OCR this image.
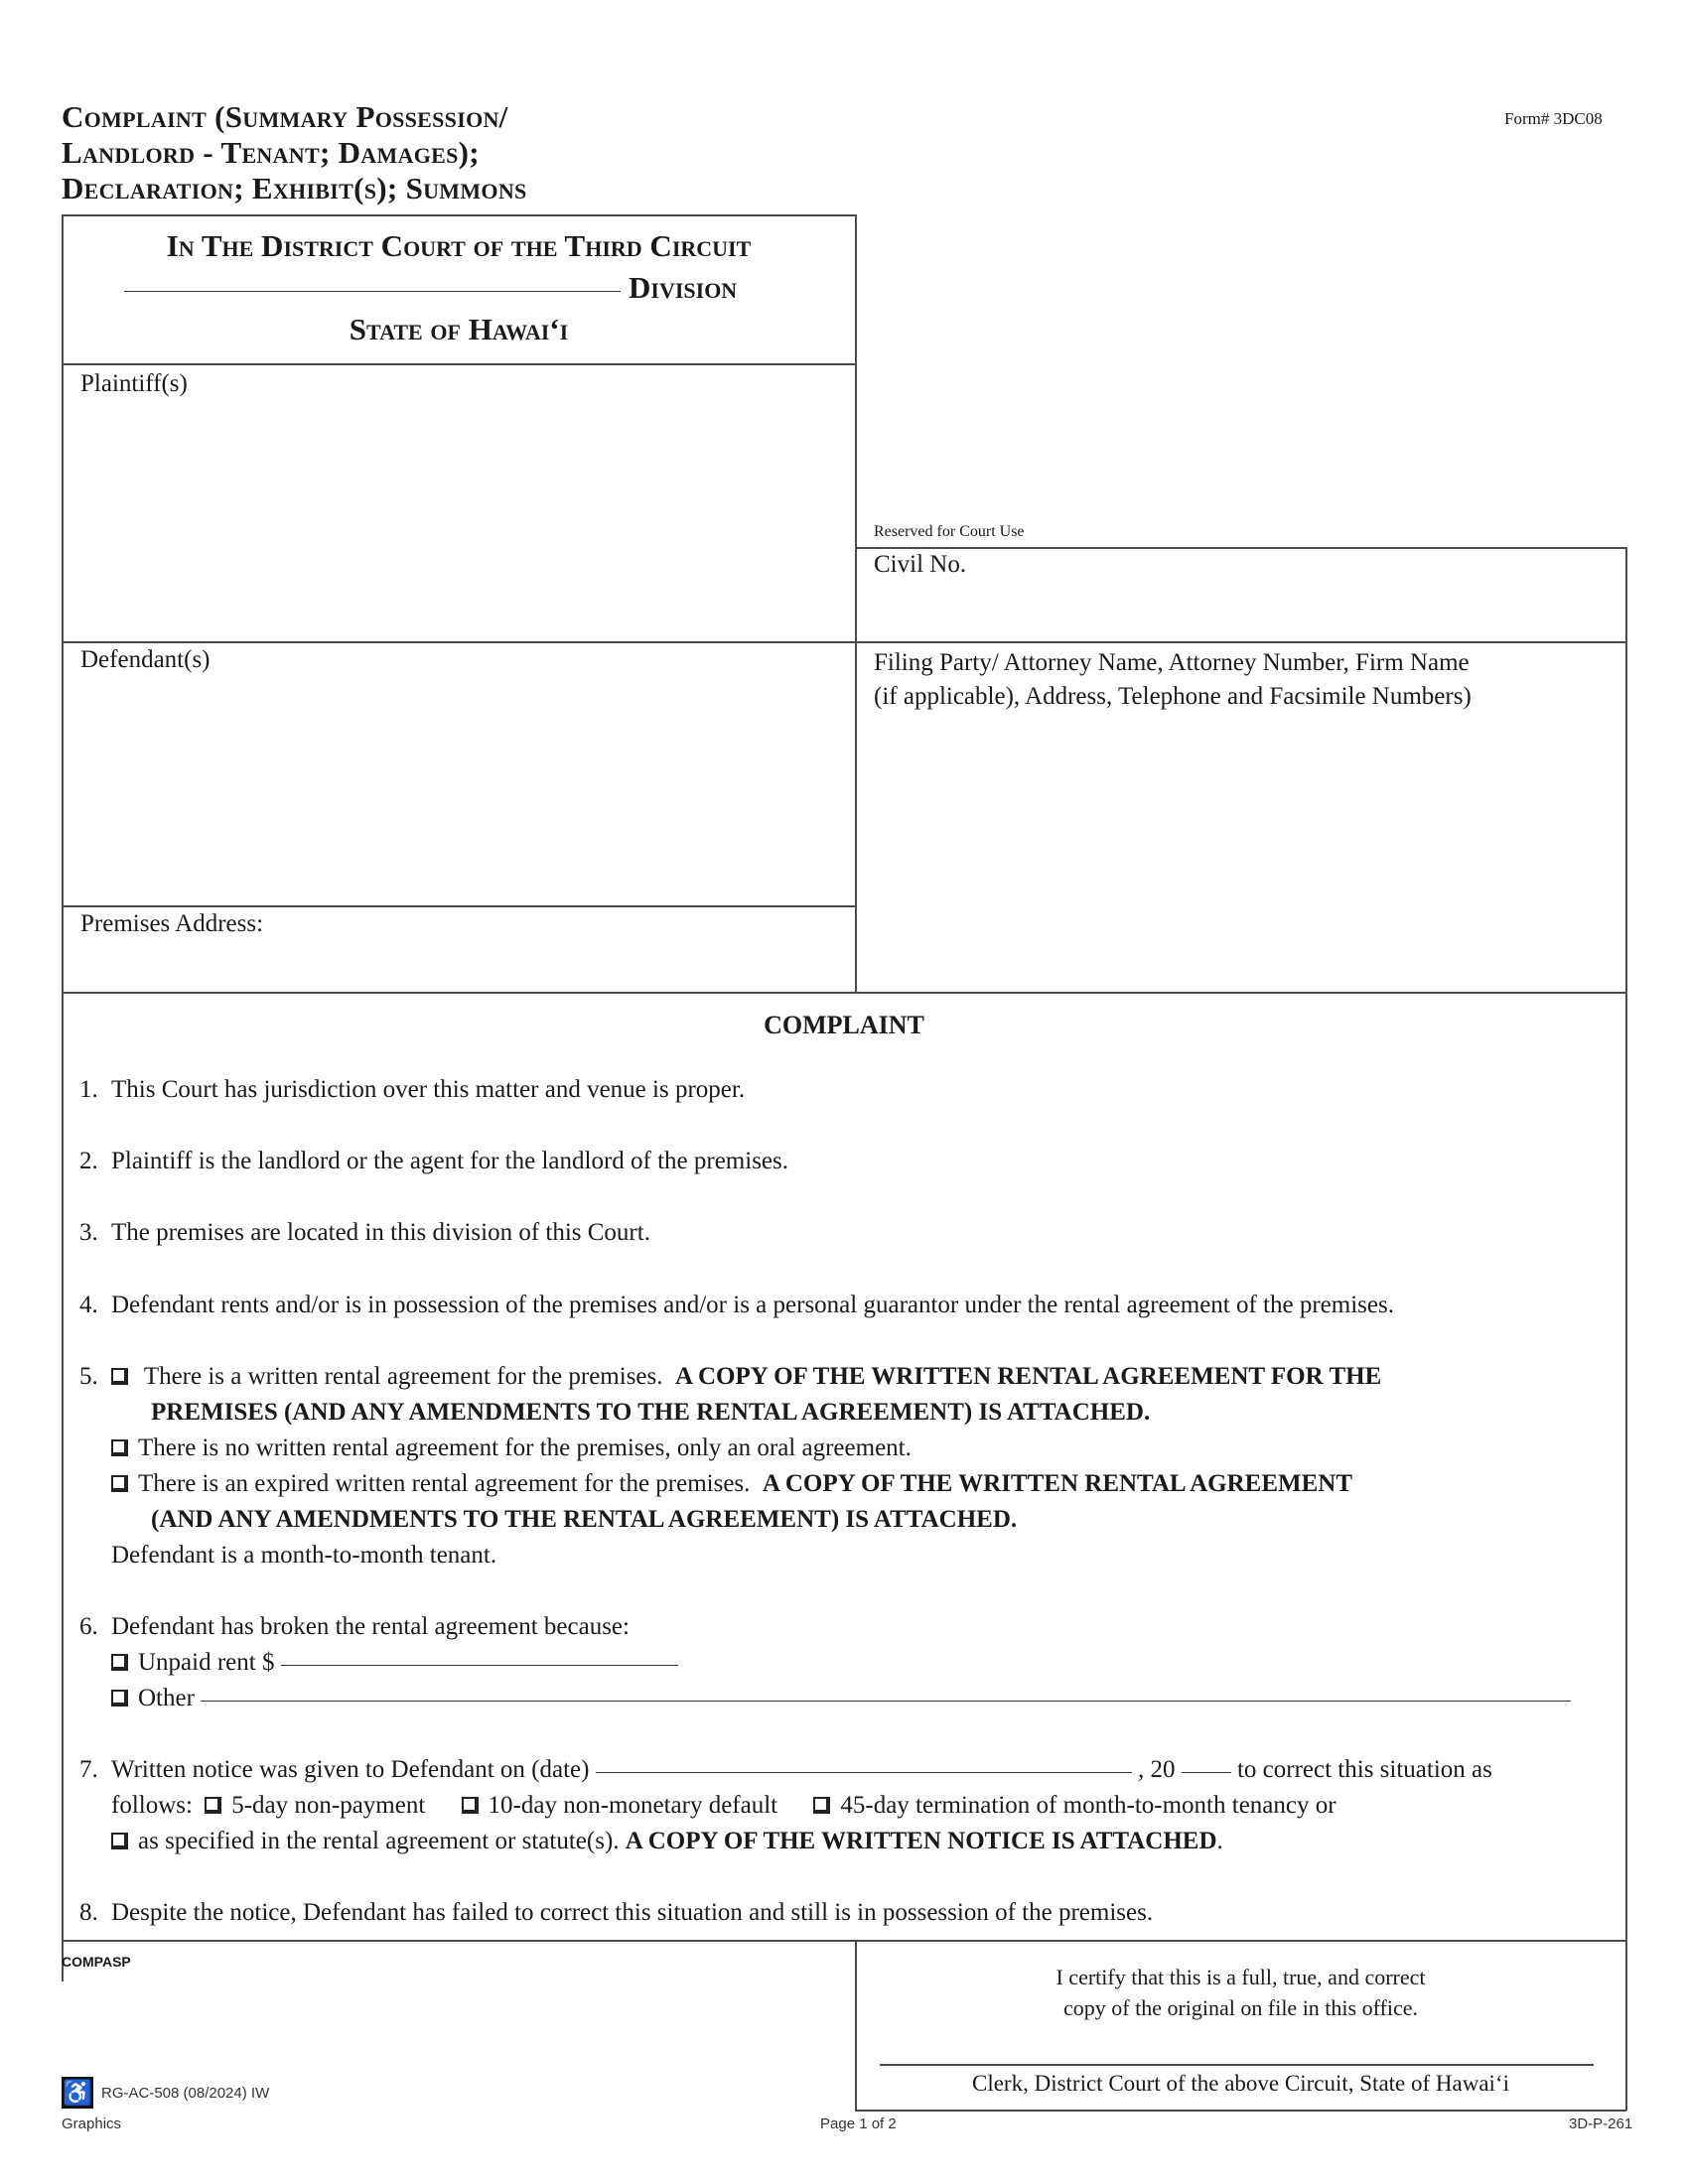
Complaint (Summary Possession/
Landlord - Tenant; Damages);
Declaration; Exhibit(s); Summons
Form# 3DC08
In The District Court of the Third Circuit
Division
State of Hawai‘i
Plaintiff(s)
Defendant(s)
Premises Address:
Reserved for Court Use
Civil No.
Filing Party/ Attorney Name, Attorney Number, Firm Name
(if applicable), Address, Telephone and Facsimile Numbers)
COMPLAINT
1. This Court has jurisdiction over this matter and venue is proper.
2. Plaintiff is the landlord or the agent for the landlord of the premises.
3. The premises are located in this division of this Court.
4. Defendant rents and/or is in possession of the premises and/or is a personal guarantor under the rental agreement of the premises.
5. There is a written rental agreement for the premises. A COPY OF THE WRITTEN RENTAL AGREEMENT FOR THE
PREMISES (AND ANY AMENDMENTS TO THE RENTAL AGREEMENT) IS ATTACHED.
There is no written rental agreement for the premises, only an oral agreement.
There is an expired written rental agreement for the premises. A COPY OF THE WRITTEN RENTAL AGREEMENT
(AND ANY AMENDMENTS TO THE RENTAL AGREEMENT) IS ATTACHED.
Defendant is a month-to-month tenant.
6. Defendant has broken the rental agreement because:
Unpaid rent $
Other
7. Written notice was given to Defendant on (date)	, 20	to correct this situation as
follows: 5-day non-payment	10-day non-monetary default	45-day termination of month-to-month tenancy or
as specified in the rental agreement or statute(s). A COPY OF THE WRITTEN NOTICE IS ATTACHED.
8. Despite the notice, Defendant has failed to correct this situation and still is in possession of the premises.
COMPASP
I certify that this is a full, true, and correct
copy of the original on file in this office.
Clerk, District Court of the above Circuit, State of Hawai‘i
♿ RG-AC-508 (08/2024) IW
Graphics	Page 1 of 2	3D-P-261
